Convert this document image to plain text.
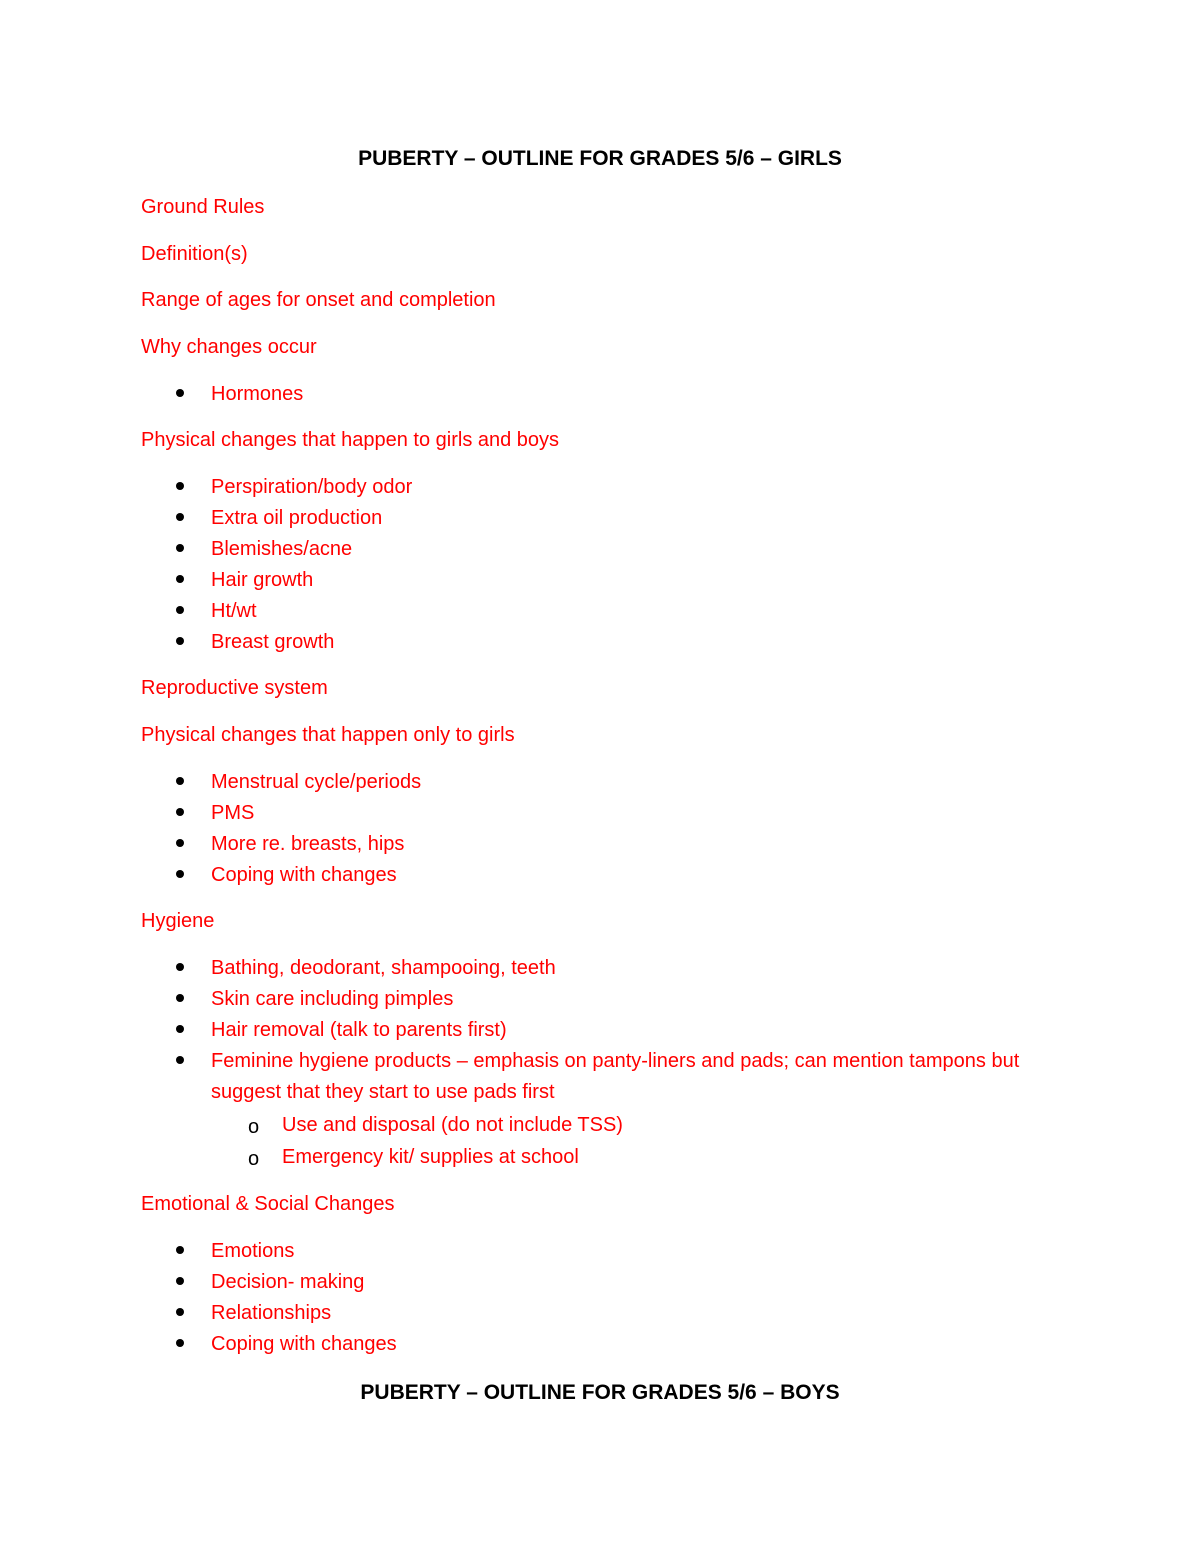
PUBERTY – OUTLINE FOR GRADES 5/6 – GIRLS
Ground Rules
Definition(s)
Range of ages for onset and completion
Why changes occur
Hormones
Physical changes that happen to girls and boys
Perspiration/body odor
Extra oil production
Blemishes/acne
Hair growth
Ht/wt
Breast growth
Reproductive system
Physical changes that happen only to girls
Menstrual cycle/periods
PMS
More re. breasts, hips
Coping with changes
Hygiene
Bathing, deodorant, shampooing, teeth
Skin care including pimples
Hair removal (talk to parents first)
Feminine hygiene products – emphasis on panty-liners and pads; can mention tampons but suggest that they start to use pads first
o Use and disposal (do not include TSS)
o Emergency kit/ supplies at school
Emotional & Social Changes
Emotions
Decision- making
Relationships
Coping with changes
PUBERTY – OUTLINE FOR GRADES 5/6 – BOYS
